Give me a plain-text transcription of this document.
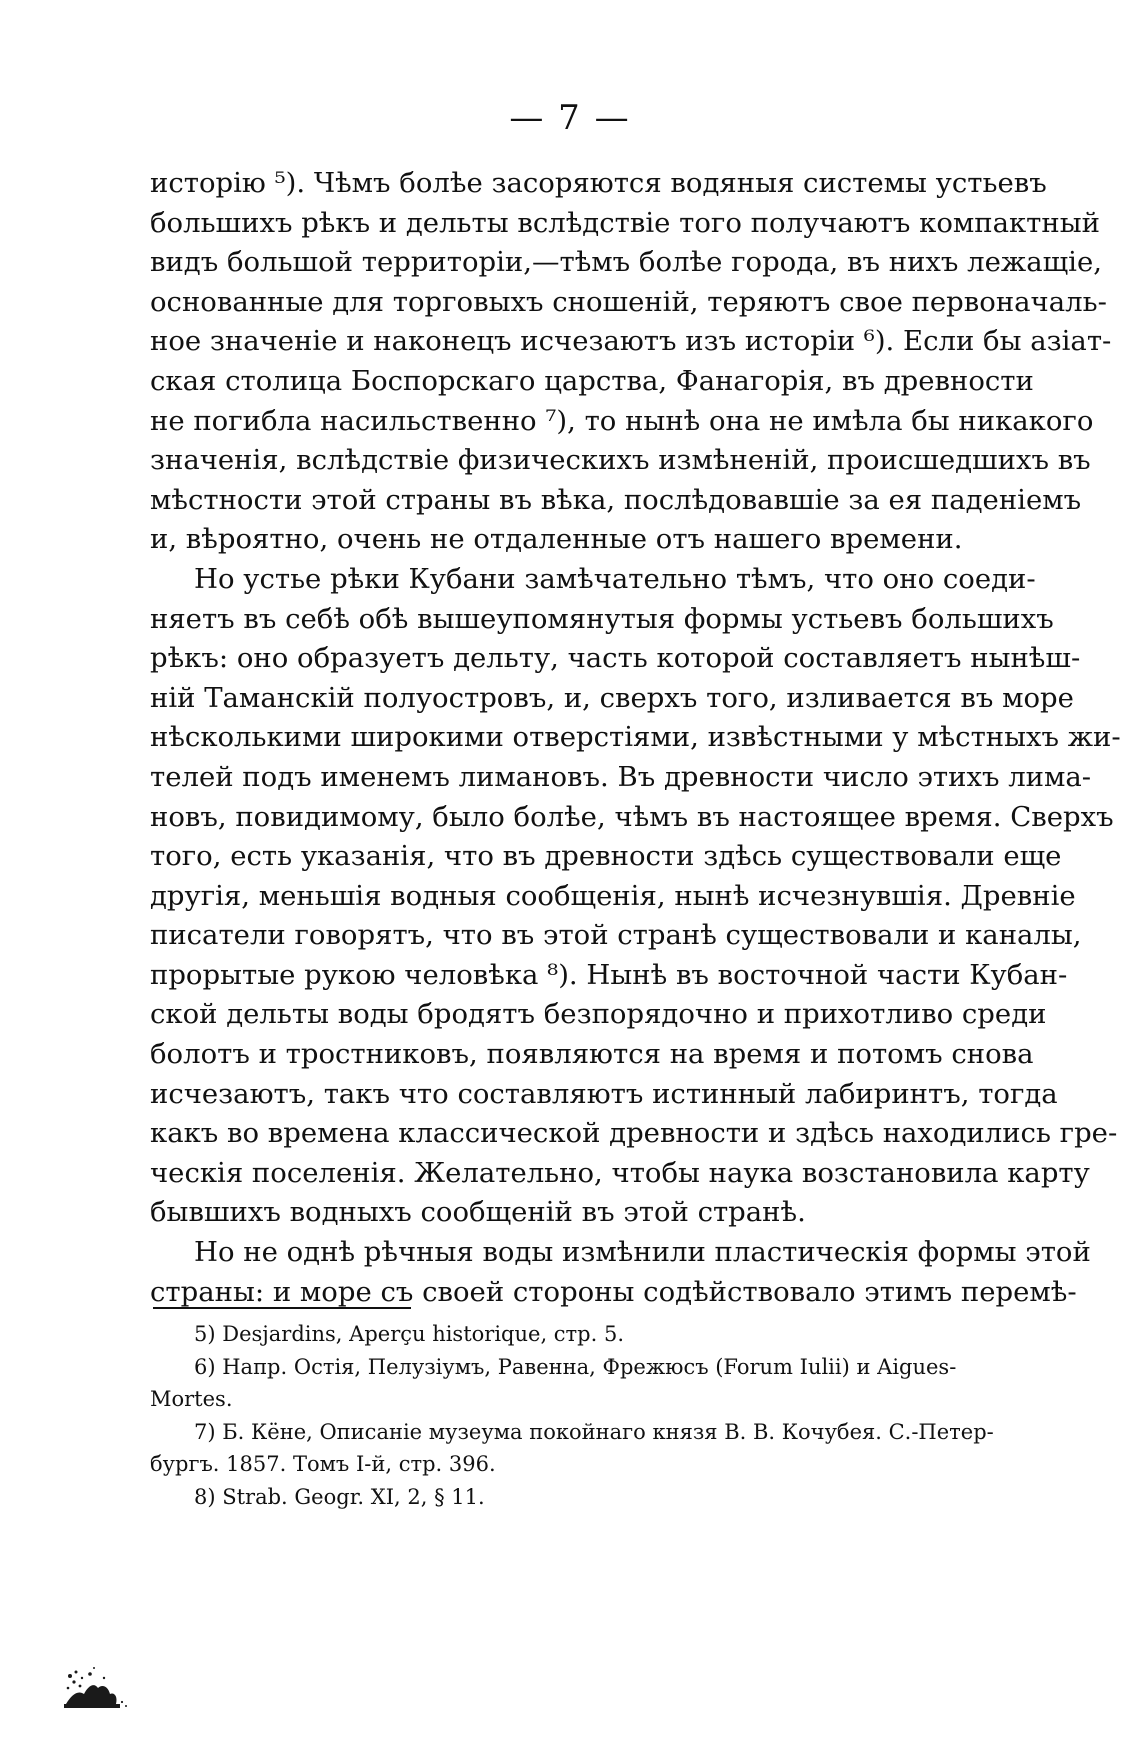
— 7 —
исторію ⁵). Чѣмъ болѣе засоряются водяныя системы устьевъ
большихъ рѣкъ и дельты вслѣдствіе того получаютъ компактный
видъ большой территоріи,—тѣмъ болѣе города, въ нихъ лежащіе,
основанные для торговыхъ сношеній, теряютъ свое первоначаль-
ное значеніе и наконецъ исчезаютъ изъ исторіи ⁶). Если бы азіат-
ская столица Боспорскаго царства, Фанагорія, въ древности
не погибла насильственно ⁷), то нынѣ она не имѣла бы никакого
значенія, вслѣдствіе физическихъ измѣненій, происшедшихъ въ
мѣстности этой страны въ вѣка, послѣдовавшіе за ея паденіемъ
и, вѣроятно, очень не отдаленные отъ нашего времени.
Но устье рѣки Кубани замѣчательно тѣмъ, что оно соеди-
няетъ въ себѣ обѣ вышеупомянутыя формы устьевъ большихъ
рѣкъ: оно образуетъ дельту, часть которой составляетъ нынѣш-
ній Таманскій полуостровъ, и, сверхъ того, изливается въ море
нѣсколькими широкими отверстіями, извѣстными у мѣстныхъ жи-
телей подъ именемъ лимановъ. Въ древности число этихъ лима-
новъ, повидимому, было болѣе, чѣмъ въ настоящее время. Сверхъ
того, есть указанія, что въ древности здѣсь существовали еще
другія, меньшія водныя сообщенія, нынѣ исчезнувшія. Древніе
писатели говорятъ, что въ этой странѣ существовали и каналы,
прорытые рукою человѣка ⁸). Нынѣ въ восточной части Кубан-
ской дельты воды бродятъ безпорядочно и прихотливо среди
болотъ и тростниковъ, появляются на время и потомъ снова
исчезаютъ, такъ что составляютъ истинный лабиринтъ, тогда
какъ во времена классической древности и здѣсь находились гре-
ческія поселенія. Желательно, чтобы наука возстановила карту
бывшихъ водныхъ сообщеній въ этой странѣ.
Но не однѣ рѣчныя воды измѣнили пластическія формы этой
страны: и море съ своей стороны содѣйствовало этимъ перемѣ-
5) Desjardins, Aperçu historique, стр. 5.
6) Напр. Остія, Пелузіумъ, Равенна, Фрежюсъ (Forum Iulii) и Aigues-
Mortes.
7) Б. Кёне, Описаніе музеума покойнаго князя В. В. Кочубея. С.-Петер-
бургъ. 1857. Томъ I-й, стр. 396.
8) Strab. Geogr. XI, 2, § 11.
